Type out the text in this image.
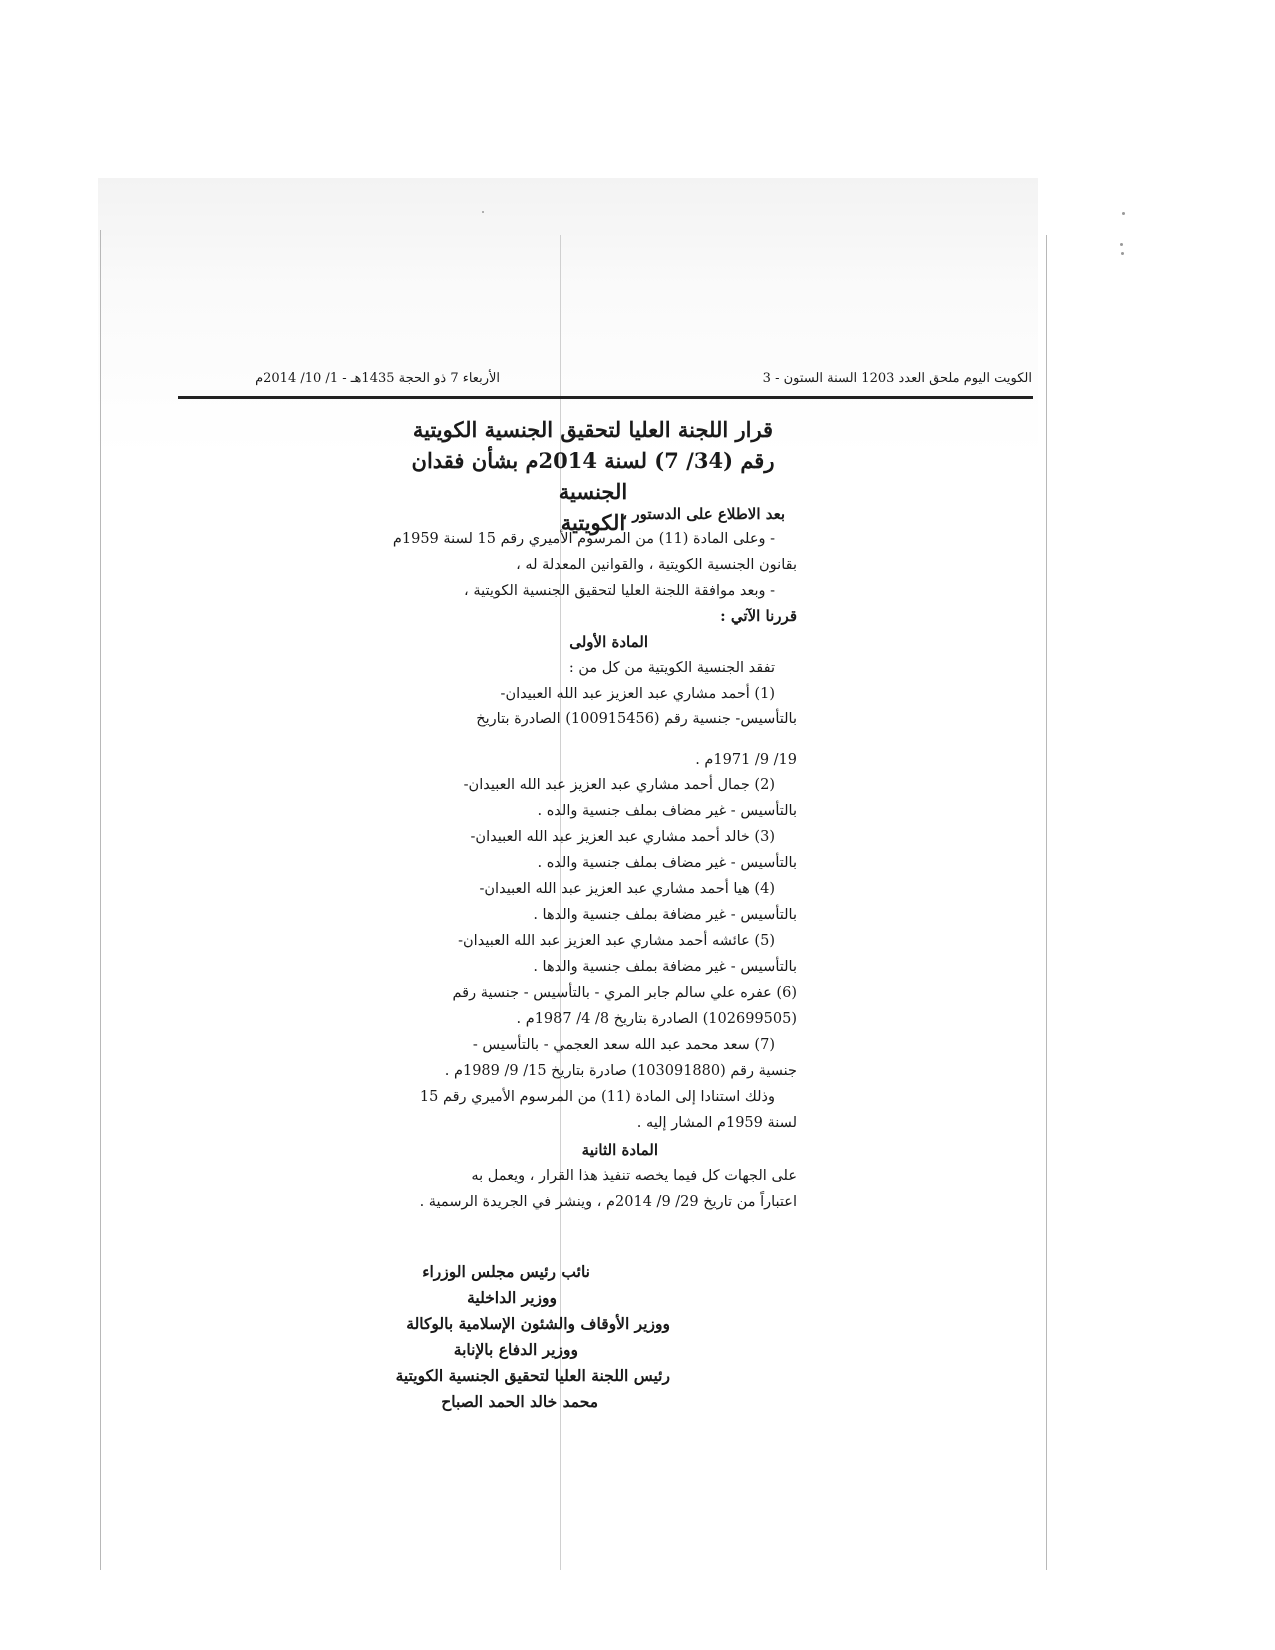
الكويت اليوم ملحق العدد 1203 السنة الستون - 3
الأربعاء 7 ذو الحجة 1435هـ - 1/ 10/ 2014م
قرار اللجنة العليا لتحقيق الجنسية الكويتية
رقم (34/ 7) لسنة 2014م بشأن فقدان الجنسية
الكويتية
بعد الاطلاع على الدستور ،
- وعلى المادة (11) من المرسوم الأميري رقم 15 لسنة 1959م
بقانون الجنسية الكويتية ، والقوانين المعدلة له ،
- وبعد موافقة اللجنة العليا لتحقيق الجنسية الكويتية ،
قررنا الآتي :
المادة الأولى
تفقد الجنسية الكويتية من كل من :
(1) أحمد مشاري عبد العزيز عبد الله العبيدان-
بالتأسيس- جنسية رقم (100915456) الصادرة بتاريخ
19/ 9/ 1971م .
(2) جمال أحمد مشاري عبد العزيز عبد الله العبيدان-
بالتأسيس - غير مضاف بملف جنسية والده .
(3) خالد أحمد مشاري عبد العزيز عبد الله العبيدان-
بالتأسيس - غير مضاف بملف جنسية والده .
(4) هيا أحمد مشاري عبد العزيز عبد الله العبيدان-
بالتأسيس - غير مضافة بملف جنسية والدها .
(5) عائشه أحمد مشاري عبد العزيز عبد الله العبيدان-
بالتأسيس - غير مضافة بملف جنسية والدها .
(6) عفره علي سالم جابر المري - بالتأسيس - جنسية رقم
(102699505) الصادرة بتاريخ 8/ 4/ 1987م .
(7) سعد محمد عبد الله سعد العجمي - بالتأسيس -
جنسية رقم (103091880) صادرة بتاريخ 15/ 9/ 1989م .
وذلك استنادا إلى المادة (11) من المرسوم الأميري رقم 15
لسنة 1959م المشار إليه .
المادة الثانية
على الجهات كل فيما يخصه تنفيذ هذا القرار ، ويعمل به
اعتباراً من تاريخ 29/ 9/ 2014م ، وينشر في الجريدة الرسمية .
نائب رئيس مجلس الوزراء
ووزير الداخلية
ووزير الأوقاف والشئون الإسلامية بالوكالة
ووزير الدفاع بالإنابة
رئيس اللجنة العليا لتحقيق الجنسية الكويتية
محمد خالد الحمد الصباح
